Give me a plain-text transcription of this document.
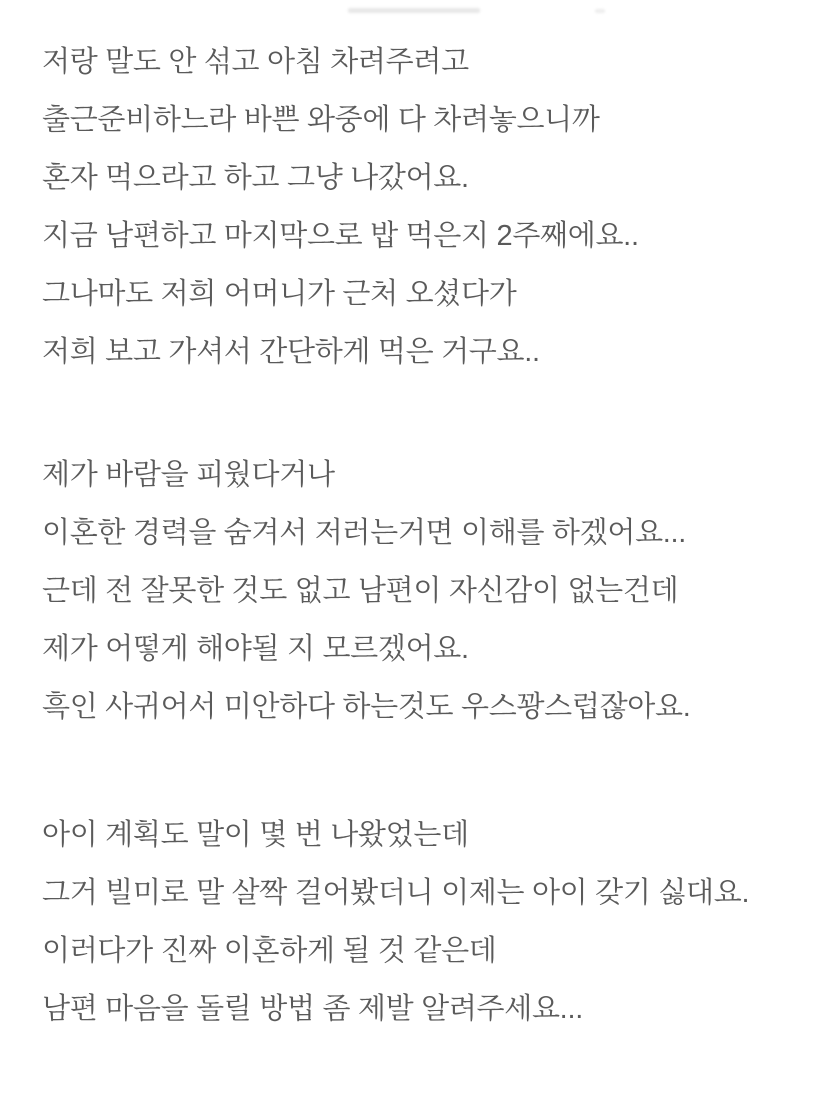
저랑 말도 안 섞고 아침 차려주려고
출근준비하느라 바쁜 와중에 다 차려놓으니까
혼자 먹으라고 하고 그냥 나갔어요.
지금 남편하고 마지막으로 밥 먹은지 2주째에요..
그나마도 저희 어머니가 근처 오셨다가
저희 보고 가셔서 간단하게 먹은 거구요..
제가 바람을 피웠다거나
이혼한 경력을 숨겨서 저러는거면 이해를 하겠어요...
근데 전 잘못한 것도 없고 남편이 자신감이 없는건데
제가 어떻게 해야될 지 모르겠어요.
흑인 사귀어서 미안하다 하는것도 우스꽝스럽잖아요.
아이 계획도 말이 몇 번 나왔었는데
그거 빌미로 말 살짝 걸어봤더니 이제는 아이 갖기 싫대요.
이러다가 진짜 이혼하게 될 것 같은데
남편 마음을 돌릴 방법 좀 제발 알려주세요...
